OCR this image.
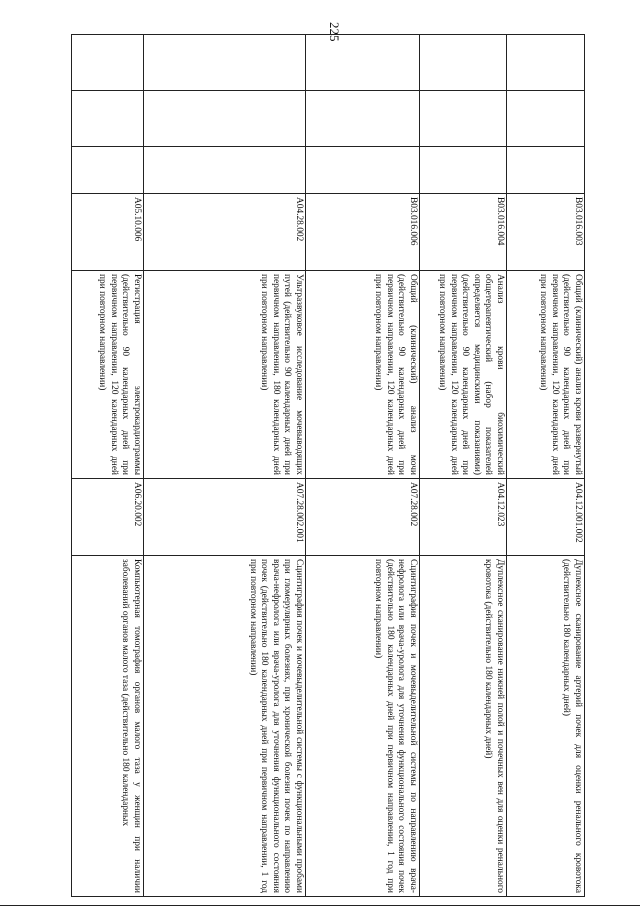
225
			B03.016.003	Общий (клинический) анализ крови развернутый (действительно 90 календарных дней при первичном направлении, 120 календарных дней при повторном направлении)	A04.12.001.002	Дуплексное сканирование артерий почек для оценки ренального кровотока (действительно 180 календарных дней)
			B03.016.004	Анализ крови биохимический общетерапевтический (набор показателей определяется медицинскими показаниями) (действительно 90 календарных дней при первичном направлении, 120 календарных дней при повторном направлении)	A04.12.023	Дуплексное сканирование нижней полой и почечных вен для оценки ренального кровотока (действительно 180 календарных дней)
			B03.016.006	Общий (клинический) анализ мочи (действительно 90 календарных дней при первичном направлении, 120 календарных дней при повторном направлении)	A07.28.002	Сцинтиграфия почек и мочевыделительной системы по направлению врача-нефролога или врача-уролога для уточнения функционального состояния почек (действительно 180 календарных дней при первичном направлении, 1 год при повторном направлении)
			A04.28.002	Ультразвуковое исследование мочевыводящих путей (действительно 90 календарных дней при первичном направлении, 180 календарных дней при повторном направлении)	A07.28.002.001	Сцинтиграфия почек и мочевыделительной системы с функциональными пробами при гломерулярных болезнях, при хронической болезни почек по направлению врача-нефролога или врача-уролога для уточнения функционального состояния почек (действительно 180 календарных дней при первичном направлении, 1 год при повторном направлении)
			A05.10.006	Регистрация электрокардиограммы (действительно 90 календарных дней при первичном направлении, 120 календарных дней при повторном направлении)	A06.20.002	Компьютерная томография органов малого таза у женщин при наличии заболеваний органов малого таза (действительно 180 календарных
